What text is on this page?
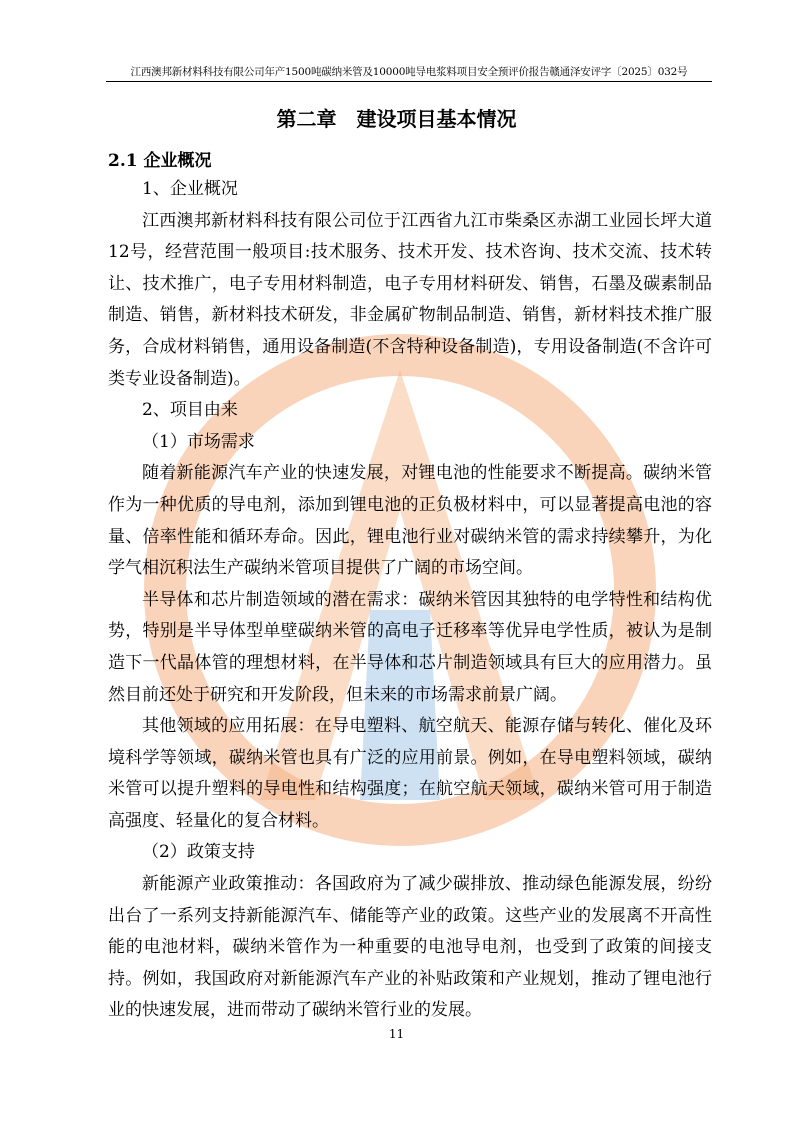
江西澳邦新材料科技有限公司年产1500吨碳纳米管及10000吨导电浆料项目安全预评价报告赣通泽安评字〔2025〕032号
第二章　建设项目基本情况
2.1 企业概况

1、企业概况

江西澳邦新材料科技有限公司位于江西省九江市柴桑区赤湖工业园长坪大道12号，经营范围一般项目:技术服务、技术开发、技术咨询、技术交流、技术转让、技术推广，电子专用材料制造，电子专用材料研发、销售，石墨及碳素制品制造、销售，新材料技术研发，非金属矿物制品制造、销售，新材料技术推广服务，合成材料销售，通用设备制造(不含特种设备制造)，专用设备制造(不含许可类专业设备制造)。

2、项目由来

（1）市场需求

随着新能源汽车产业的快速发展，对锂电池的性能要求不断提高。碳纳米管作为一种优质的导电剂，添加到锂电池的正负极材料中，可以显著提高电池的容量、倍率性能和循环寿命。因此，锂电池行业对碳纳米管的需求持续攀升，为化学气相沉积法生产碳纳米管项目提供了广阔的市场空间。

半导体和芯片制造领域的潜在需求：碳纳米管因其独特的电学特性和结构优势，特别是半导体型单壁碳纳米管的高电子迁移率等优异电学性质，被认为是制造下一代晶体管的理想材料，在半导体和芯片制造领域具有巨大的应用潜力。虽然目前还处于研究和开发阶段，但未来的市场需求前景广阔。

其他领域的应用拓展：在导电塑料、航空航天、能源存储与转化、催化及环境科学等领域，碳纳米管也具有广泛的应用前景。例如，在导电塑料领域，碳纳米管可以提升塑料的导电性和结构强度；在航空航天领域，碳纳米管可用于制造高强度、轻量化的复合材料。

（2）政策支持

新能源产业政策推动：各国政府为了减少碳排放、推动绿色能源发展，纷纷出台了一系列支持新能源汽车、储能等产业的政策。这些产业的发展离不开高性能的电池材料，碳纳米管作为一种重要的电池导电剂，也受到了政策的间接支持。例如，我国政府对新能源汽车产业的补贴政策和产业规划，推动了锂电池行业的快速发展，进而带动了碳纳米管行业的发展。

11
